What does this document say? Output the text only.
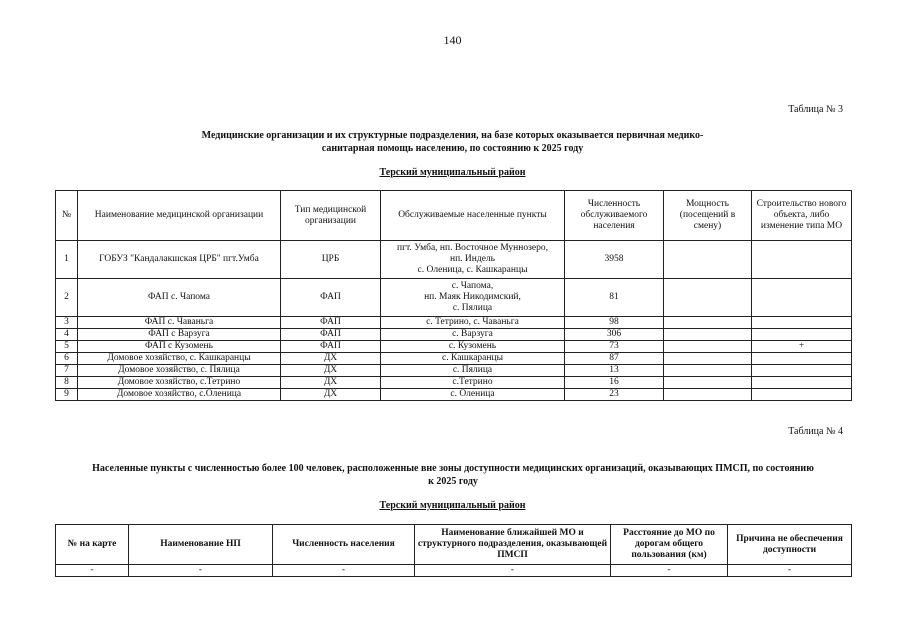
140
Таблица № 3
Медицинские организации и их структурные подразделения, на базе которых оказывается первичная медико-
санитарная помощь населению, по состоянию к 2025 году
Терский муниципальный район
№	Наименование медицинской организации	Тип медицинской организации	Обслуживаемые населенные пункты	Численность обслуживаемого населения	Мощность (посещений в смену)	Строительство нового объекта, либо изменение типа МО
1	ГОБУЗ "Кандалакшская ЦРБ" пгт.Умба	ЦРБ	пгт. Умба, нп. Восточное Муннозеро,
нп. Индель
с. Оленица, с. Кашкаранцы	3958		
2	ФАП с. Чапома	ФАП	с. Чапома,
нп. Маяк Никодимский,
с. Пялица	81		
3	ФАП с. Чаваньга	ФАП	с. Тетрино, с. Чаваньга	98		
4	ФАП с Варзуга	ФАП	с. Варзуга	306		
5	ФАП с Кузомень	ФАП	с. Кузомень	73		+
6	Домовое хозяйство, с. Кашкаранцы	ДХ	с. Кашкаранцы	87		
7	Домовое хозяйство, с. Пялица	ДХ	с. Пялица	13		
8	Домовое хозяйство, с.Тетрино	ДХ	с.Тетрино	16		
9	Домовое хозяйство, с.Оленица	ДХ	с. Оленица	23		
Таблица № 4
Населенные пункты с численностью более 100 человек, расположенные вне зоны доступности медицинских организаций, оказывающих ПМСП, по состоянию
к 2025 году
Терский муниципальный район
№ на карте	Наименование НП	Численность населения	Наименование ближайшей МО и структурного подразделения, оказывающей ПМСП	Расстояние до МО по дорогам общего пользования (км)	Причина не обеспечения доступности
-	-	-	-	-	-
